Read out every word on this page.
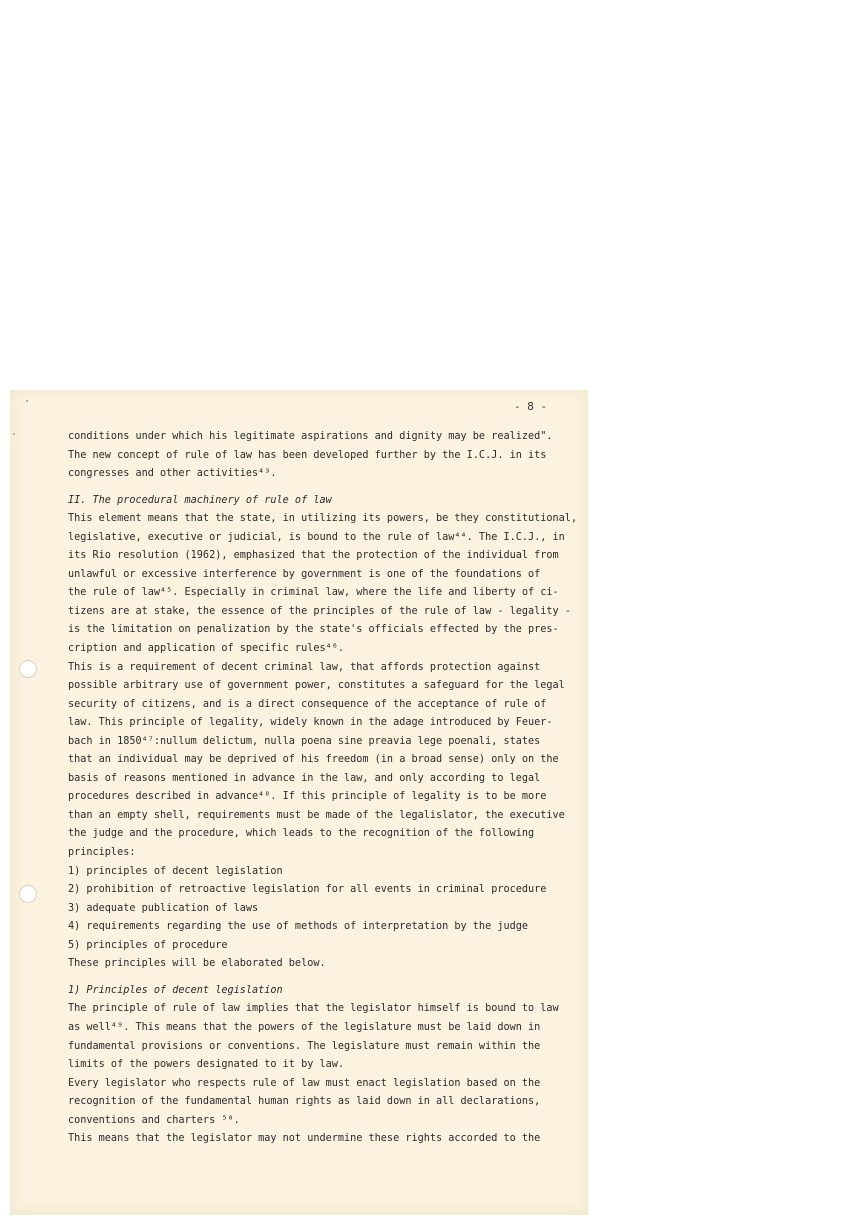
- 8 -
conditions under which his legitimate aspirations and dignity may be realized".
The new concept of rule of law has been developed further by the I.C.J. in its
congresses and other activities⁴³.
II. The procedural machinery of rule of law
This element means that the state, in utilizing its powers, be they constitutional,
legislative, executive or judicial, is bound to the rule of law⁴⁴. The I.C.J., in
its Rio resolution (1962), emphasized that the protection of the individual from
unlawful or excessive interference by government is one of the foundations of
the rule of law⁴⁵. Especially in criminal law, where the life and liberty of ci-
tizens are at stake, the essence of the principles of the rule of law - legality -
is the limitation on penalization by the state's officials effected by the pres-
cription and application of specific rules⁴⁶.
This is a requirement of decent criminal law, that affords protection against
possible arbitrary use of government power, constitutes a safeguard for the legal
security of citizens, and is a direct consequence of the acceptance of rule of
law. This principle of legality, widely known in the adage introduced by Feuer-
bach in 1850⁴⁷:nullum delictum, nulla poena sine preavia lege poenali, states
that an individual may be deprived of his freedom (in a broad sense) only on the
basis of reasons mentioned in advance in the law, and only according to legal
procedures described in advance⁴⁸. If this principle of legality is to be more
than an empty shell, requirements must be made of the legalislator, the executive
the judge and the procedure, which leads to the recognition of the following
principles:
1) principles of decent legislation
2) prohibition of retroactive legislation for all events in criminal procedure
3) adequate publication of laws
4) requirements regarding the use of methods of interpretation by the judge
5) principles of procedure
These principles will be elaborated below.
1) Principles of decent legislation
The principle of rule of law implies that the legislator himself is bound to law
as well⁴⁹. This means that the powers of the legislature must be laid down in
fundamental provisions or conventions. The legislature must remain within the
limits of the powers designated to it by law.
Every legislator who respects rule of law must enact legislation based on the
recognition of the fundamental human rights as laid down in all declarations,
conventions and charters ⁵⁰.
This means that the legislator may not undermine these rights accorded to the
